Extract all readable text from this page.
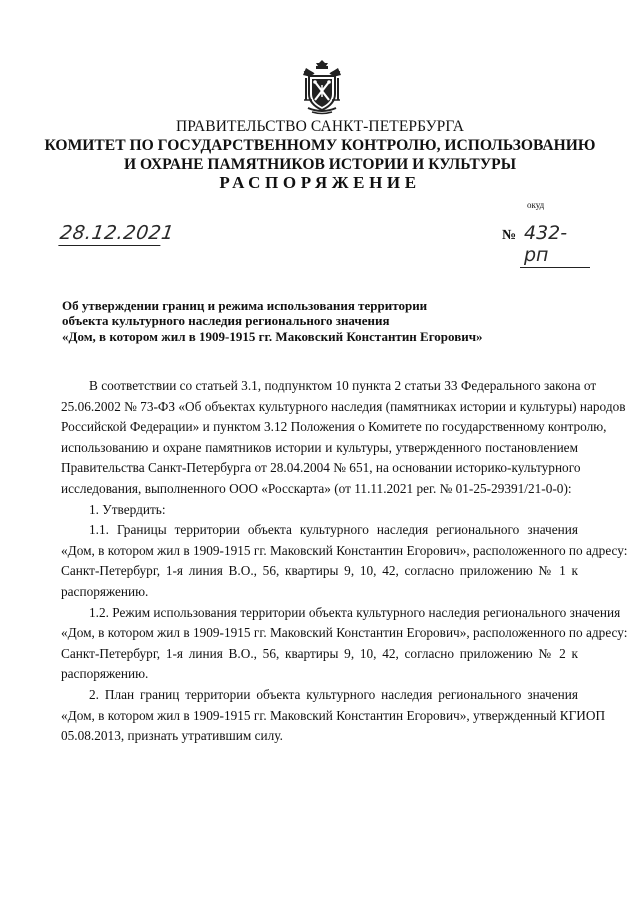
ПРАВИТЕЛЬСТВО САНКТ-ПЕТЕРБУРГА
КОМИТЕТ ПО ГОСУДАРСТВЕННОМУ КОНТРОЛЮ, ИСПОЛЬЗОВАНИЮ
И ОХРАНЕ ПАМЯТНИКОВ ИСТОРИИ И КУЛЬТУРЫ
РАСПОРЯЖЕНИЕ
окуд
28.12.2021	№ 432-рп
Об утверждении границ и режима использования территории
объекта культурного наследия регионального значения
«Дом, в котором жил в 1909-1915 гг. Маковский Константин Егорович»

В соответствии со статьей 3.1, подпунктом 10 пункта 2 статьи 33 Федерального закона от
25.06.2002 № 73-ФЗ «Об объектах культурного наследия (памятниках истории и культуры) народов
Российской Федерации» и пунктом 3.12 Положения о Комитете по государственному контролю,
использованию и охране памятников истории и культуры, утвержденного постановлением
Правительства Санкт-Петербурга от 28.04.2004 № 651, на основании историко-культурного
исследования, выполненного ООО «Росскарта» (от 11.11.2021 рег. № 01-25-29391/21-0-0):

1. Утвердить:

1.1. Границы территории объекта культурного наследия регионального значения
«Дом, в котором жил в 1909-1915 гг. Маковский Константин Егорович», расположенного по адресу:
Санкт-Петербург, 1-я линия В.О., 56, квартиры 9, 10, 42, согласно приложению № 1 к
распоряжению.

1.2. Режим использования территории объекта культурного наследия регионального значения
«Дом, в котором жил в 1909-1915 гг. Маковский Константин Егорович», расположенного по адресу:
Санкт-Петербург, 1-я линия В.О., 56, квартиры 9, 10, 42, согласно приложению № 2 к
распоряжению.

2. План границ территории объекта культурного наследия регионального значения
«Дом, в котором жил в 1909-1915 гг. Маковский Константин Егорович», утвержденный КГИОП
05.08.2013, признать утратившим силу.
